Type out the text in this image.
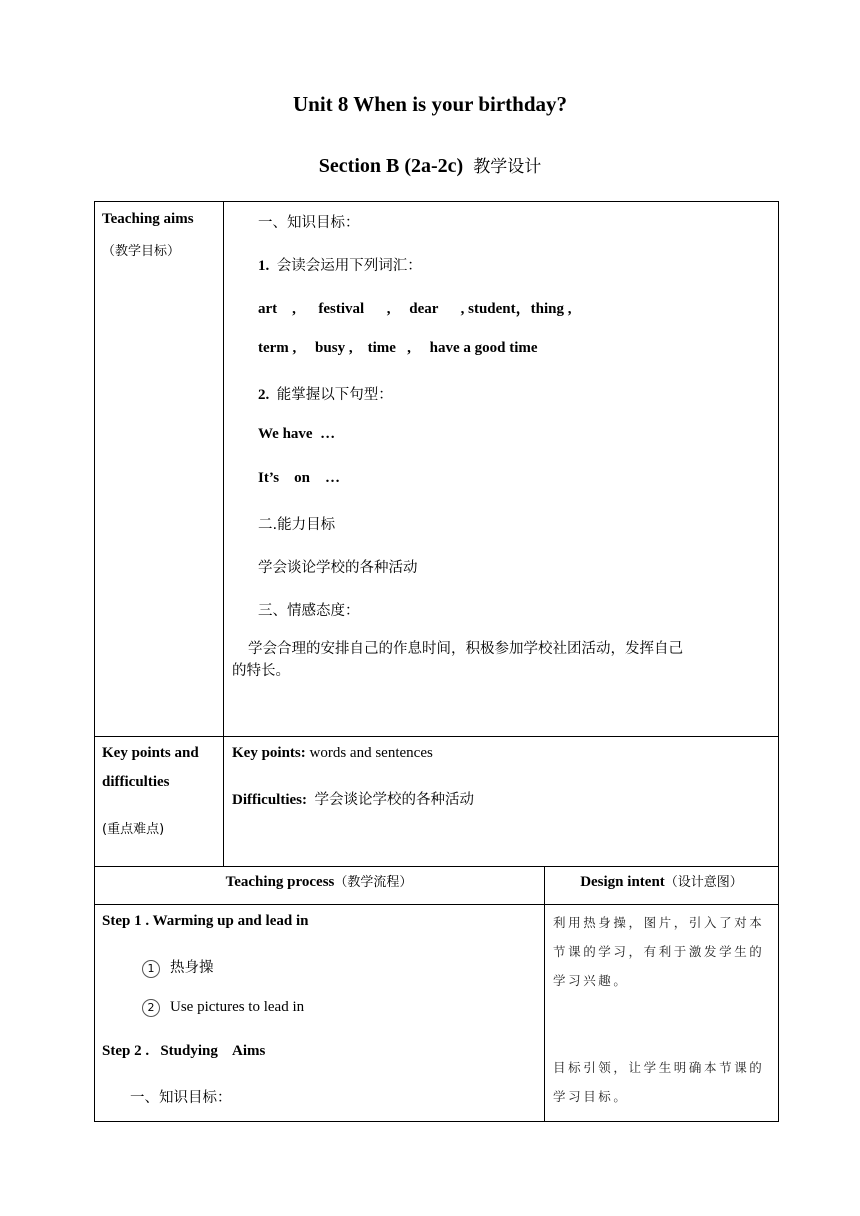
Unit 8 When is your birthday?
Section B (2a-2c) 教学设计
Teaching aims
（教学目标）
一、知识目标：
1. 会读会运用下列词汇：
art    ,      festival      ,     dear      , student，thing ,
term ,     busy ,    time   ,     have a good time
2. 能掌握以下句型：
We have  …
It’s    on    …
二.能力目标
学会谈论学校的各种活动
三、情感态度：
学会合理的安排自己的作息时间，积极参加学校社团活动，发挥自己
的特长。
Key points and
difficulties
(重点难点)
Key points: words and sentences
Difficulties: 学会谈论学校的各种活动
Teaching process（教学流程）	Design intent（设计意图）
Step 1 . Warming up and lead in
1 热身操
2 Use pictures to lead in
Step 2 .   Studying    Aims
一、知识目标：
利用热身操，图片，引入了对本节课的学习，有利于激发学生的学习兴趣。
目标引领，让学生明确本节课的学习目标。
